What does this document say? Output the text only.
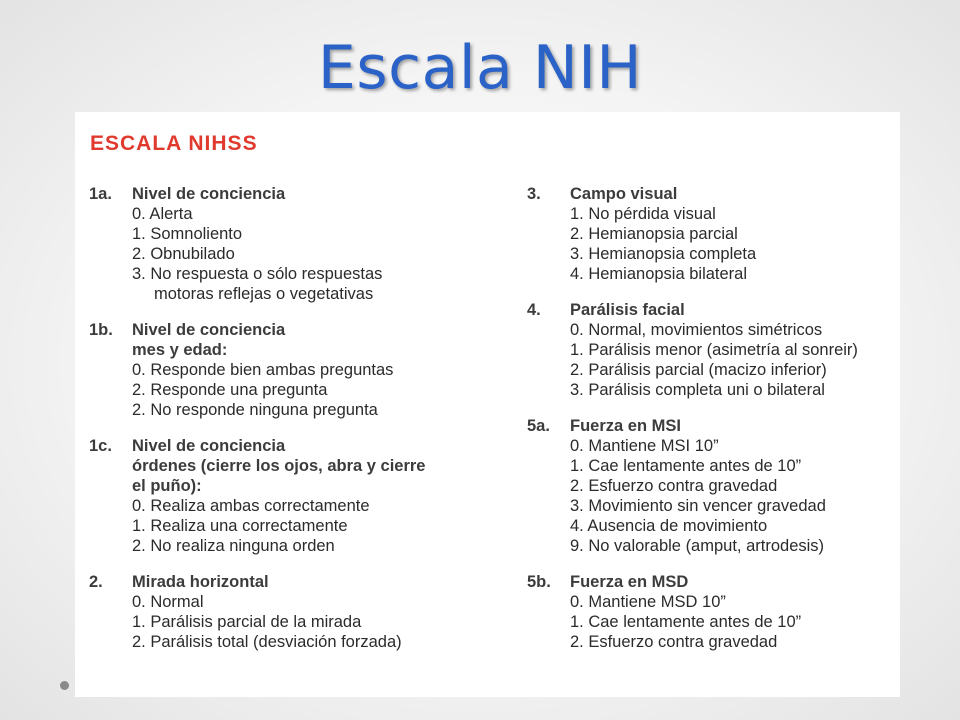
Escala NIH
ESCALA NIHSS
1a.	Nivel de conciencia
0. Alerta
1. Somnoliento
2. Obnubilado
3. No respuesta o sólo respuestas
motoras reflejas o vegetativas
1b.	Nivel de conciencia
mes y edad:
0. Responde bien ambas preguntas
2. Responde una pregunta
2. No responde ninguna pregunta
1c.	Nivel de conciencia
órdenes (cierre los ojos, abra y cierre
el puño):
0. Realiza ambas correctamente
1. Realiza una correctamente
2. No realiza ninguna orden
2.	Mirada horizontal
0. Normal
1. Parálisis parcial de la mirada
2. Parálisis total (desviación forzada)
3.	Campo visual
1. No pérdida visual
2. Hemianopsia parcial
3. Hemianopsia completa
4. Hemianopsia bilateral
4.	Parálisis facial
0. Normal, movimientos simétricos
1. Parálisis menor (asimetría al sonreir)
2. Parálisis parcial (macizo inferior)
3. Parálisis completa uni o bilateral
5a.	Fuerza en MSI
0. Mantiene MSI 10”
1. Cae lentamente antes de 10”
2. Esfuerzo contra gravedad
3. Movimiento sin vencer gravedad
4. Ausencia de movimiento
9. No valorable (amput, artrodesis)
5b.	Fuerza en MSD
0. Mantiene MSD 10”
1. Cae lentamente antes de 10”
2. Esfuerzo contra gravedad
